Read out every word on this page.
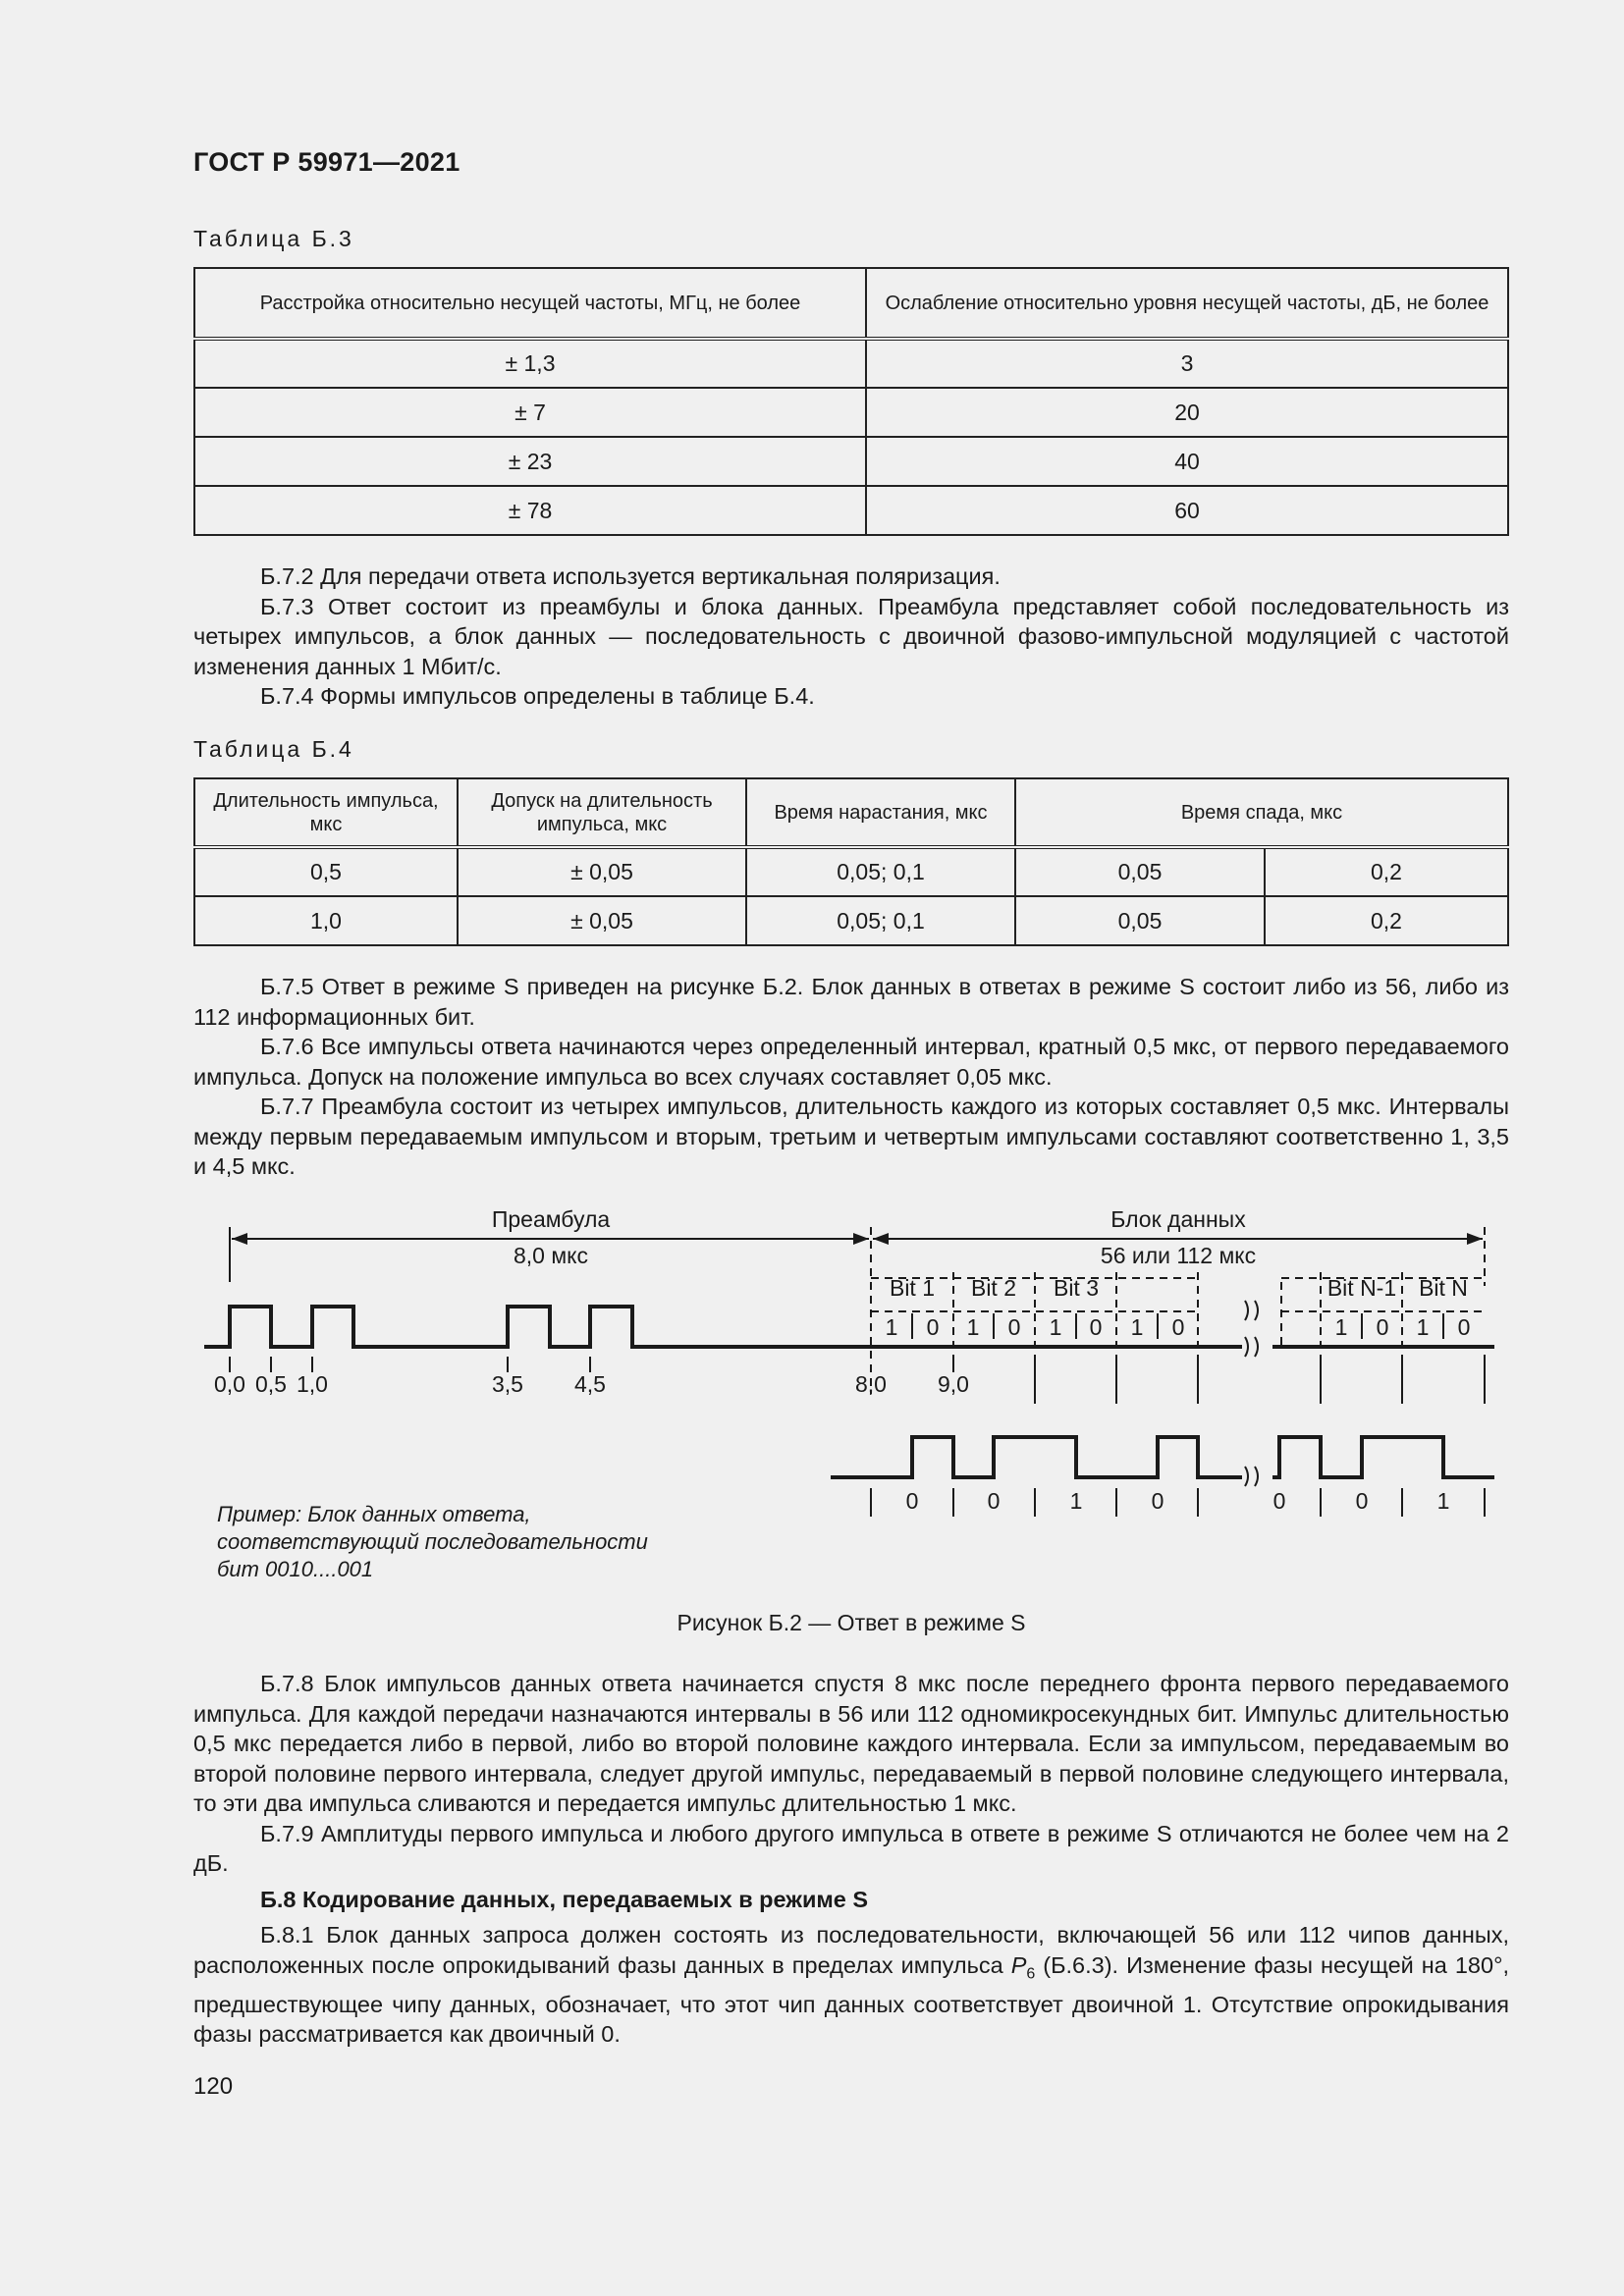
ГОСТ Р 59971—2021
Таблица Б.3
Расстройка относительно несущей частоты, МГц, не более	Ослабление относительно уровня несущей частоты, дБ, не более
± 1,3	3
± 7	20
± 23	40
± 78	60

Б.7.2 Для передачи ответа используется вертикальная поляризация.

Б.7.3 Ответ состоит из преамбулы и блока данных. Преамбула представляет собой последовательность из четырех импульсов, а блок данных — последовательность с двоичной фазово-импульсной модуляцией с частотой изменения данных 1 Мбит/с.

Б.7.4 Формы импульсов определены в таблице Б.4.

Таблица Б.4
Длительность импульса, мкс	Допуск на длительность импульса, мкс	Время нарастания, мкс	Время спада, мкс	
0,5	± 0,05	0,05; 0,1	0,05	0,2
1,0	± 0,05	0,05; 0,1	0,05	0,2

Б.7.5 Ответ в режиме S приведен на рисунке Б.2. Блок данных в ответах в режиме S состоит либо из 56, либо из 112 информационных бит.

Б.7.6 Все импульсы ответа начинаются через определенный интервал, кратный 0,5 мкс, от первого передаваемого импульса. Допуск на положение импульса во всех случаях составляет 0,05 мкс.

Б.7.7 Преамбула состоит из четырех импульсов, длительность каждого из которых составляет 0,5 мкс. Интервалы между первым передаваемым импульсом и вторым, третьим и четвертым импульсами составляют соответственно 1, 3,5 и 4,5 мкс.

Преамбула
8,0 мкс
Блок данных
56 или 112 мкс
Bit 1 Bit 2 Bit 3	Bit N-1 Bit N
1 0 1 0 1 0 1 0	1 0 1 0
0,0 0,5 1,0	3,5 4,5	8,0 9,0
0	0	1	0	0	0	1
Пример: Блок данных ответа,
соответствующий последовательности
бит 0010....001
Рисунок Б.2 — Ответ в режиме S

Б.7.8 Блок импульсов данных ответа начинается спустя 8 мкс после переднего фронта первого передаваемого импульса. Для каждой передачи назначаются интервалы в 56 или 112 одномикросекундных бит. Импульс длительностью 0,5 мкс передается либо в первой, либо во второй половине каждого интервала. Если за импульсом, передаваемым во второй половине первого интервала, следует другой импульс, передаваемый в первой половине следующего интервала, то эти два импульса сливаются и передается импульс длительностью 1 мкс.

Б.7.9 Амплитуды первого импульса и любого другого импульса в ответе в режиме S отличаются не более чем на 2 дБ.

Б.8 Кодирование данных, передаваемых в режиме S

Б.8.1 Блок данных запроса должен состоять из последовательности, включающей 56 или 112 чипов данных, расположенных после опрокидываний фазы данных в пределах импульса $P_6$ (Б.6.3). Изменение фазы несущей на 180°, предшествующее чипу данных, обозначает, что этот чип данных соответствует двоичной 1. Отсутствие опрокидывания фазы рассматривается как двоичный 0.

120
